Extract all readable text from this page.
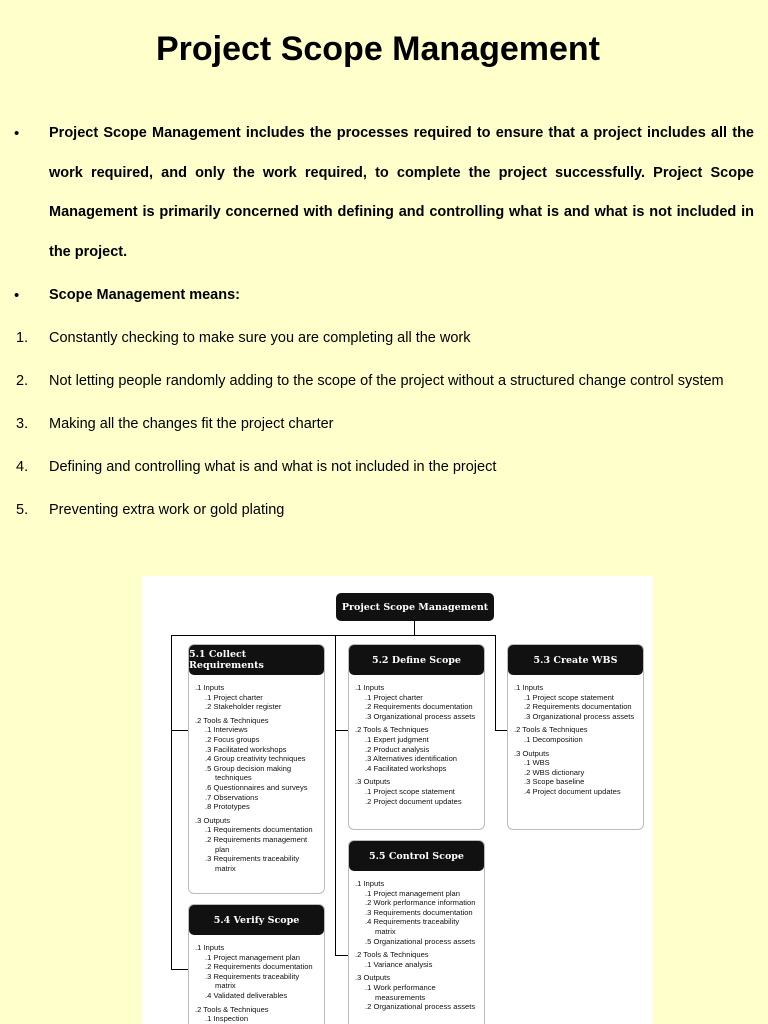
Project Scope Management
• Project Scope Management includes the processes required to ensure that a project includes all the work required, and only the work required, to complete the project successfully. Project Scope Management is primarily concerned with defining and controlling what is and what is not included in the project.
• Scope Management means:
1. Constantly checking to make sure you are completing all the work
2. Not letting people randomly adding to the scope of the project without a structured change control system
3. Making all the changes fit the project charter
4. Defining and controlling what is and what is not included in the project
5. Preventing extra work or gold plating
Project Scope Management
5.1 Collect Requirements
.1 Inputs
.1 Project charter
.2 Stakeholder register
.2 Tools & Techniques
.1 Interviews
.2 Focus groups
.3 Facilitated workshops
.4 Group creativity techniques
.5 Group decision making
techniques
.6 Questionnaires and surveys
.7 Observations
.8 Prototypes
.3 Outputs
.1 Requirements documentation
.2 Requirements management
plan
.3 Requirements traceability
matrix
5.2 Define Scope
.1 Inputs
.1 Project charter
.2 Requirements documentation
.3 Organizational process assets
.2 Tools & Techniques
.1 Expert judgment
.2 Product analysis
.3 Alternatives identification
.4 Facilitated workshops
.3 Outputs
.1 Project scope statement
.2 Project document updates
5.3 Create WBS
.1 Inputs
.1 Project scope statement
.2 Requirements documentation
.3 Organizational process assets
.2 Tools & Techniques
.1 Decomposition
.3 Outputs
.1 WBS
.2 WBS dictionary
.3 Scope baseline
.4 Project document updates
5.4 Verify Scope
.1 Inputs
.1 Project management plan
.2 Requirements documentation
.3 Requirements traceability
matrix
.4 Validated deliverables
.2 Tools & Techniques
.1 Inspection
5.5 Control Scope
.1 Inputs
.1 Project management plan
.2 Work performance information
.3 Requirements documentation
.4 Requirements traceability
matrix
.5 Organizational process assets
.2 Tools & Techniques
.1 Variance analysis
.3 Outputs
.1 Work performance
measurements
.2 Organizational process assets
